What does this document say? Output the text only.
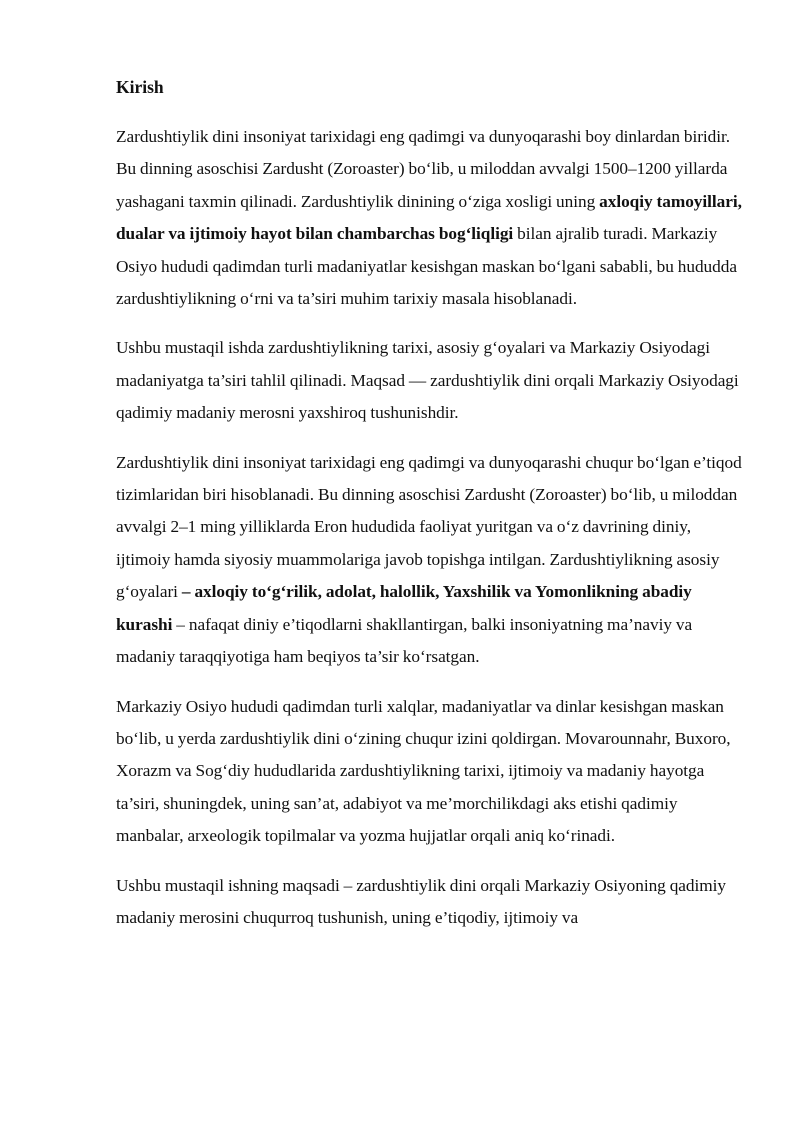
Kirish

Zardushtiylik dini insoniyat tarixidagi eng qadimgi va dunyoqarashi boy dinlardan biridir. Bu dinning asoschisi Zardusht (Zoroaster) bo‘lib, u miloddan avvalgi 1500–1200 yillarda yashagani taxmin qilinadi. Zardushtiylik dinining o‘ziga xosligi uning axloqiy tamoyillari, dualar va ijtimoiy hayot bilan chambarchas bog‘liqligi bilan ajralib turadi. Markaziy Osiyo hududi qadimdan turli madaniyatlar kesishgan maskan bo‘lgani sababli, bu hududda zardushtiylikning o‘rni va ta’siri muhim tarixiy masala hisoblanadi.

Ushbu mustaqil ishda zardushtiylikning tarixi, asosiy g‘oyalari va Markaziy Osiyodagi madaniyatga ta’siri tahlil qilinadi. Maqsad — zardushtiylik dini orqali Markaziy Osiyodagi qadimiy madaniy merosni yaxshiroq tushunishdir.

Zardushtiylik dini insoniyat tarixidagi eng qadimgi va dunyoqarashi chuqur bo‘lgan e’tiqod tizimlaridan biri hisoblanadi. Bu dinning asoschisi Zardusht (Zoroaster) bo‘lib, u miloddan avvalgi 2–1 ming yilliklarda Eron hududida faoliyat yuritgan va o‘z davrining diniy, ijtimoiy hamda siyosiy muammolariga javob topishga intilgan. Zardushtiylikning asosiy g‘oyalari – axloqiy to‘g‘rilik, adolat, halollik, Yaxshilik va Yomonlikning abadiy kurashi – nafaqat diniy e’tiqodlarni shakllantirgan, balki insoniyatning ma’naviy va madaniy taraqqiyotiga ham beqiyos ta’sir ko‘rsatgan.

Markaziy Osiyo hududi qadimdan turli xalqlar, madaniyatlar va dinlar kesishgan maskan bo‘lib, u yerda zardushtiylik dini o‘zining chuqur izini qoldirgan. Movarounnahr, Buxoro, Xorazm va Sog‘diy hududlarida zardushtiylikning tarixi, ijtimoiy va madaniy hayotga ta’siri, shuningdek, uning san’at, adabiyot va me’morchilikdagi aks etishi qadimiy manbalar, arxeologik topilmalar va yozma hujjatlar orqali aniq ko‘rinadi.

Ushbu mustaqil ishning maqsadi – zardushtiylik dini orqali Markaziy Osiyoning qadimiy madaniy merosini chuqurroq tushunish, uning e’tiqodiy, ijtimoiy va
